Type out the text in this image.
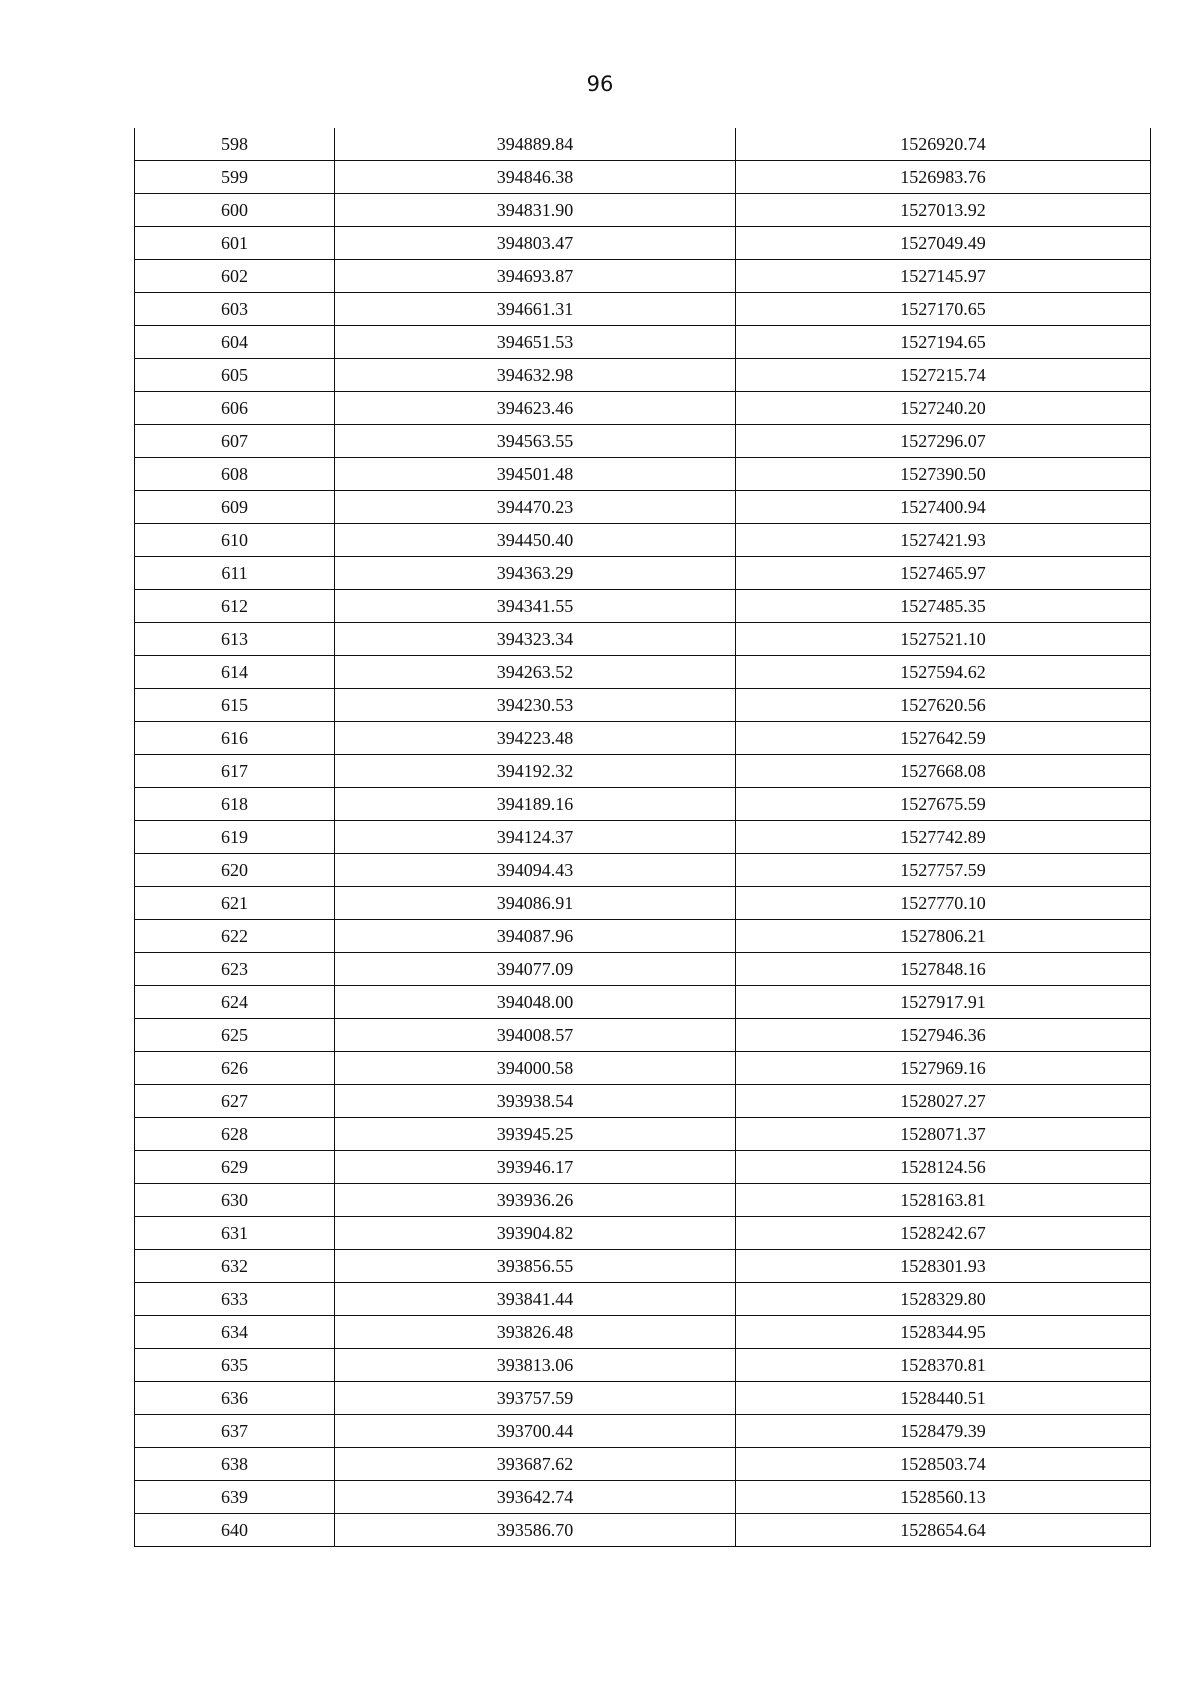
96
598	394889.84	1526920.74
599	394846.38	1526983.76
600	394831.90	1527013.92
601	394803.47	1527049.49
602	394693.87	1527145.97
603	394661.31	1527170.65
604	394651.53	1527194.65
605	394632.98	1527215.74
606	394623.46	1527240.20
607	394563.55	1527296.07
608	394501.48	1527390.50
609	394470.23	1527400.94
610	394450.40	1527421.93
611	394363.29	1527465.97
612	394341.55	1527485.35
613	394323.34	1527521.10
614	394263.52	1527594.62
615	394230.53	1527620.56
616	394223.48	1527642.59
617	394192.32	1527668.08
618	394189.16	1527675.59
619	394124.37	1527742.89
620	394094.43	1527757.59
621	394086.91	1527770.10
622	394087.96	1527806.21
623	394077.09	1527848.16
624	394048.00	1527917.91
625	394008.57	1527946.36
626	394000.58	1527969.16
627	393938.54	1528027.27
628	393945.25	1528071.37
629	393946.17	1528124.56
630	393936.26	1528163.81
631	393904.82	1528242.67
632	393856.55	1528301.93
633	393841.44	1528329.80
634	393826.48	1528344.95
635	393813.06	1528370.81
636	393757.59	1528440.51
637	393700.44	1528479.39
638	393687.62	1528503.74
639	393642.74	1528560.13
640	393586.70	1528654.64
